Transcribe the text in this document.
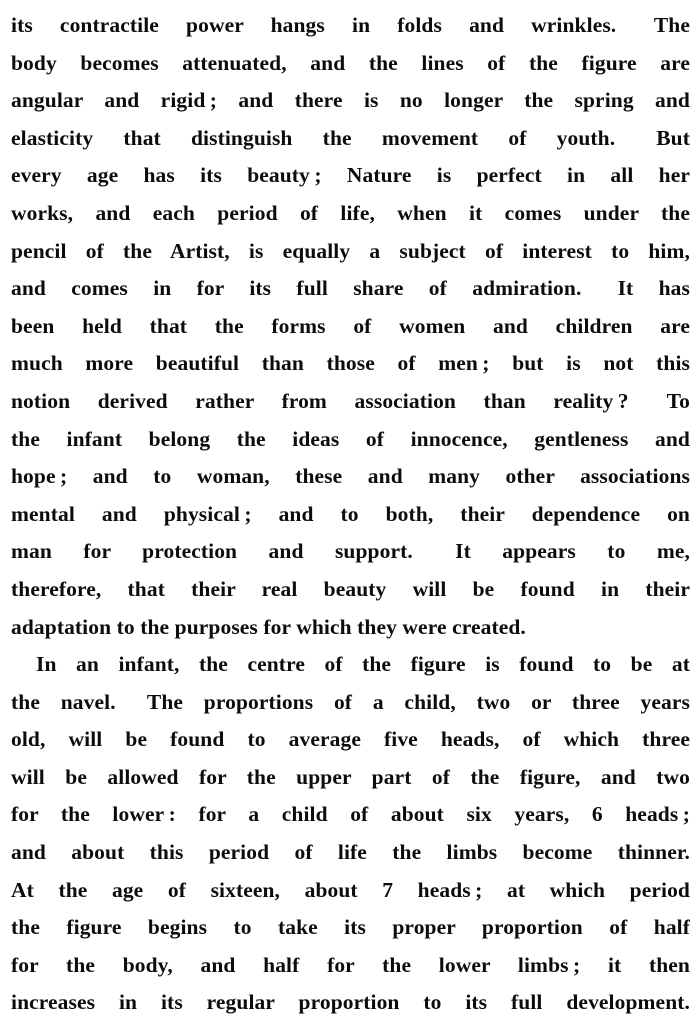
its contractile power hangs in folds and wrinkles.  The
body becomes attenuated, and the lines of the figure are
angular and rigid ; and there is no longer the spring and
elasticity that distinguish the movement of youth.  But
every age has its beauty ; Nature is perfect in all her
works, and each period of life, when it comes under the
pencil of the Artist, is equally a subject of interest to him,
and comes in for its full share of admiration.  It has
been held that the forms of women and children are
much more beautiful than those of men ; but is not this
notion derived rather from association than reality ?  To
the infant belong the ideas of innocence, gentleness and
hope ; and to woman, these and many other associations
mental and physical ; and to both, their dependence on
man for protection and support.  It appears to me,
therefore, that their real beauty will be found in their
adaptation to the purposes for which they were created.
In an infant, the centre of the figure is found to be at
the navel.  The proportions of a child, two or three years
old, will be found to average five heads, of which three
will be allowed for the upper part of the figure, and two
for the lower : for a child of about six years, 6 heads ;
and about this period of life the limbs become thinner.
At the age of sixteen, about 7 heads ; at which period
the figure begins to take its proper proportion of half
for the body, and half for the lower limbs ; it then
increases in its regular proportion to its full development.
